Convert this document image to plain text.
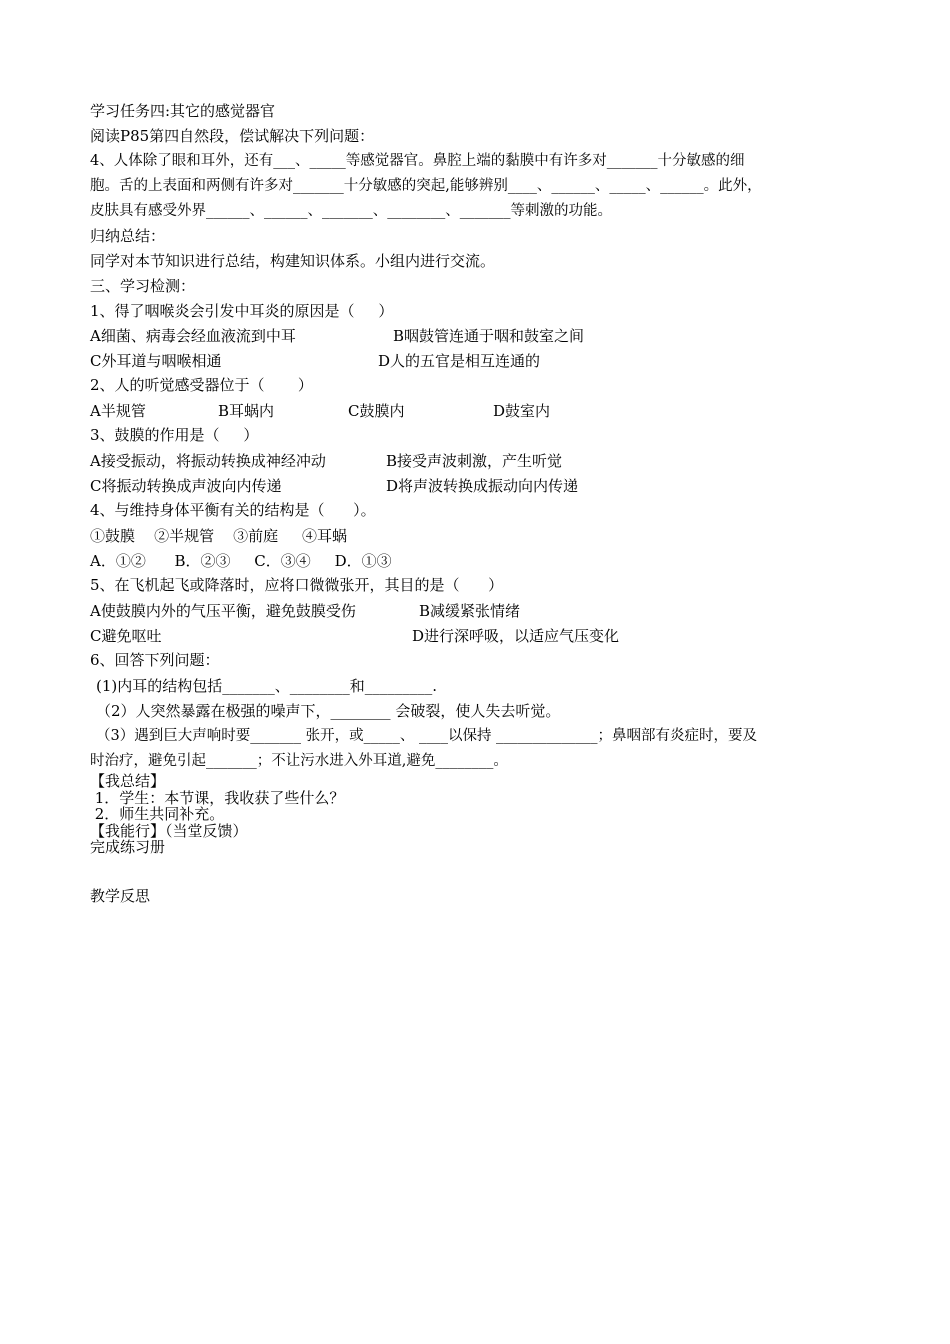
学习任务四:其它的感觉器官
阅读P85第四自然段，偿试解决下列问题：
4、人体除了眼和耳外，还有___、_____等感觉器官。鼻腔上端的黏膜中有许多对_______十分敏感的细
胞。舌的上表面和两侧有许多对_______十分敏感的突起,能够辨别____、______、_____、______。此外，
皮肤具有感受外界______、______、_______、________、_______等刺激的功能。
归纳总结：
同学对本节知识进行总结，构建知识体系。小组内进行交流。
三、学习检测：
1、得了咽喉炎会引发中耳炎的原因是（     ）
A细菌、病毒会经血液流到中耳	B咽鼓管连通于咽和鼓室之间
C外耳道与咽喉相通	D人的五官是相互连通的
2、人的听觉感受器位于（       ）
A半规管	B耳蜗内	C鼓膜内	D鼓室内
3、鼓膜的作用是（     ）
A接受振动，将振动转换成神经冲动	B接受声波刺激，产生听觉
C将振动转换成声波向内传递	D将声波转换成振动向内传递
4、与维持身体平衡有关的结构是（      ）。
①鼓膜    ②半规管    ③前庭     ④耳蜗
A．①②      B．②③     C．③④     D．①③
5、在飞机起飞或降落时，应将口微微张开，其目的是（      ）
A使鼓膜内外的气压平衡，避免鼓膜受伤	B减缓紧张情绪
C避免呕吐	D进行深呼吸，以适应气压变化
6、回答下列问题：
(1)内耳的结构包括_______、________和_________.
（2）人突然暴露在极强的噪声下，________ 会破裂，使人失去听觉。
（3）遇到巨大声响时要_______ 张开，或_____、 ____以保持 ______________；鼻咽部有炎症时，要及
时治疗，避免引起_______；不让污水进入外耳道,避免________。
【我总结】
1．学生：本节课，我收获了些什么？
2．师生共同补充。
【我能行】（当堂反馈）
完成练习册
教学反思
